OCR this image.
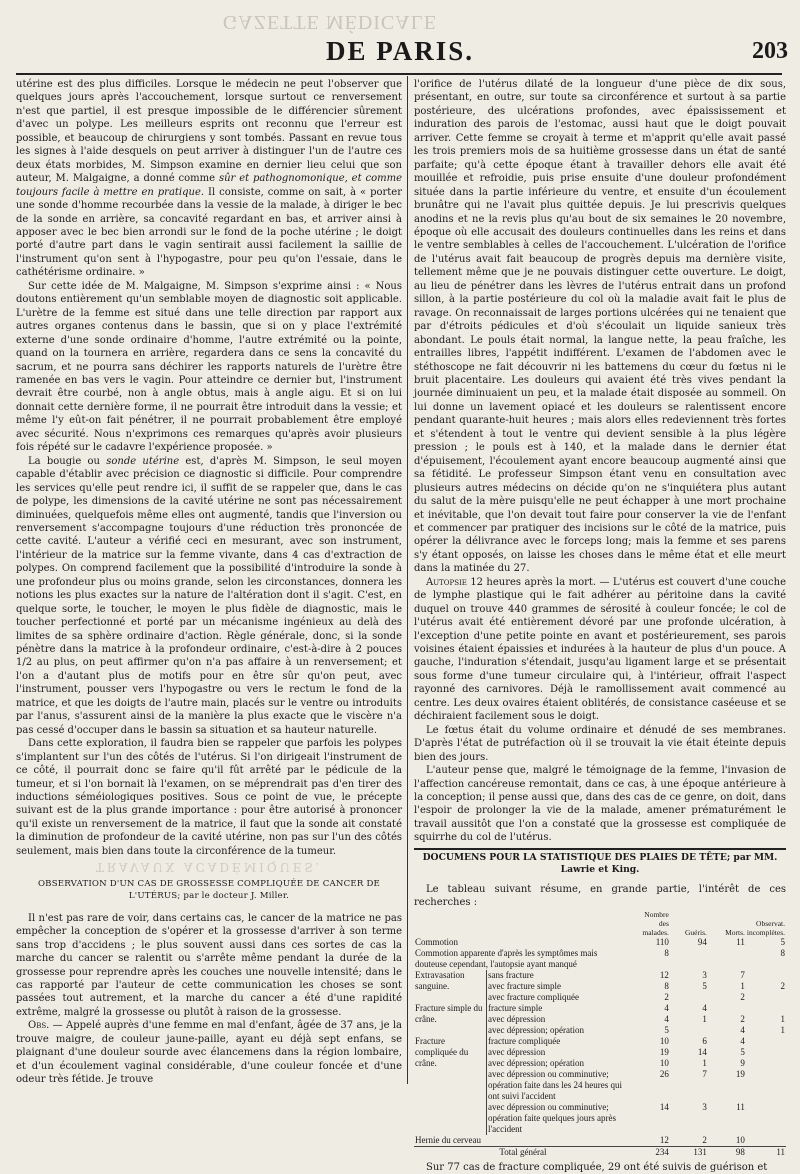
GAZETTE MÉDICALE
DE PARIS.	203

utérine est des plus difficiles. Lorsque le médecin ne peut l'observer que quelques jours après l'accouchement, lorsque surtout ce renversement n'est que partiel, il est presque impossible de le différencier sûrement d'avec un polype. Les meilleurs esprits ont reconnu que l'erreur est possible, et beaucoup de chirurgiens y sont tombés. Passant en revue tous les signes à l'aide desquels on peut arriver à distinguer l'un de l'autre ces deux états morbides, M. Simpson examine en dernier lieu celui que son auteur, M. Malgaigne, a donné comme sûr et pathognomonique, et comme toujours facile à mettre en pratique. Il consiste, comme on sait, à « porter une sonde d'homme recourbée dans la vessie de la malade, à diriger le bec de la sonde en arrière, sa concavité regardant en bas, et arriver ainsi à apposer avec le bec bien arrondi sur le fond de la poche utérine ; le doigt porté d'autre part dans le vagin sentirait aussi facilement la saillie de l'instrument qu'on sent à l'hypogastre, pour peu qu'on l'essaie, dans le cathétérisme ordinaire. »

Sur cette idée de M. Malgaigne, M. Simpson s'exprime ainsi : « Nous doutons entièrement qu'un semblable moyen de diagnostic soit applicable. L'urètre de la femme est situé dans une telle direction par rapport aux autres organes contenus dans le bassin, que si on y place l'extrémité externe d'une sonde ordinaire d'homme, l'autre extrémité ou la pointe, quand on la tournera en arrière, regardera dans ce sens la concavité du sacrum, et ne pourra sans déchirer les rapports naturels de l'urètre être ramenée en bas vers le vagin. Pour atteindre ce dernier but, l'instrument devrait être courbé, non à angle obtus, mais à angle aigu. Et si on lui donnait cette dernière forme, il ne pourrait être introduit dans la vessie; et même l'y eût-on fait pénétrer, il ne pourrait probablement être employé avec sécurité. Nous n'exprimons ces remarques qu'après avoir plusieurs fois répété sur le cadavre l'expérience proposée. »

La bougie ou sonde utérine est, d'après M. Simpson, le seul moyen capable d'établir avec précision ce diagnostic si difficile. Pour comprendre les services qu'elle peut rendre ici, il suffit de se rappeler que, dans le cas de polype, les dimensions de la cavité utérine ne sont pas nécessairement diminuées, quelquefois même elles ont augmenté, tandis que l'inversion ou renversement s'accompagne toujours d'une réduction très prononcée de cette cavité. L'auteur a vérifié ceci en mesurant, avec son instrument, l'intérieur de la matrice sur la femme vivante, dans 4 cas d'extraction de polypes. On comprend facilement que la possibilité d'introduire la sonde à une profondeur plus ou moins grande, selon les circonstances, donnera les notions les plus exactes sur la nature de l'altération dont il s'agit. C'est, en quelque sorte, le toucher, le moyen le plus fidèle de diagnostic, mais le toucher perfectionné et porté par un mécanisme ingénieux au delà des limites de sa sphère ordinaire d'action. Règle générale, donc, si la sonde pénètre dans la matrice à la profondeur ordinaire, c'est-à-dire à 2 pouces 1/2 au plus, on peut affirmer qu'on n'a pas affaire à un renversement; et l'on a d'autant plus de motifs pour en être sûr qu'on peut, avec l'instrument, pousser vers l'hypogastre ou vers le rectum le fond de la matrice, et que les doigts de l'autre main, placés sur le ventre ou introduits par l'anus, s'assurent ainsi de la manière la plus exacte que le viscère n'a pas cessé d'occuper dans le bassin sa situation et sa hauteur naturelle.

Dans cette exploration, il faudra bien se rappeler que parfois les polypes s'implantent sur l'un des côtés de l'utérus. Si l'on dirigeait l'instrument de ce côté, il pourrait donc se faire qu'il fût arrêté par le pédicule de la tumeur, et si l'on bornait là l'examen, on se méprendrait pas d'en tirer des inductions séméiologiques positives. Sous ce point de vue, le précepte suivant est de la plus grande importance : pour être autorisé à prononcer qu'il existe un renversement de la matrice, il faut que la sonde ait constaté la diminution de profondeur de la cavité utérine, non pas sur l'un des côtés seulement, mais bien dans toute la circonférence de la tumeur.

TRAVAUX ACADÉMIQUES.

OBSERVATION D'UN CAS DE GROSSESSE COMPLIQUÉE DE CANCER DE L'UTÉRUS; par le docteur J. Miller.

Il n'est pas rare de voir, dans certains cas, le cancer de la matrice ne pas empêcher la conception de s'opérer et la grossesse d'arriver à son terme sans trop d'accidens ; le plus souvent aussi dans ces sortes de cas la marche du cancer se ralentit ou s'arrête même pendant la durée de la grossesse pour reprendre après les couches une nouvelle intensité; dans le cas rapporté par l'auteur de cette communication les choses se sont passées tout autrement, et la marche du cancer a été d'une rapidité extrême, malgré la grossesse ou plutôt à raison de la grossesse.

Obs. — Appelé auprès d'une femme en mal d'enfant, âgée de 37 ans, je la trouve maigre, de couleur jaune-paille, ayant eu déjà sept enfans, se plaignant d'une douleur sourde avec élancemens dans la région lombaire, et d'un écoulement vaginal considérable, d'une couleur foncée et d'une odeur très fétide. Je trouve

l'orifice de l'utérus dilaté de la longueur d'une pièce de dix sous, présentant, en outre, sur toute sa circonférence et surtout à sa partie postérieure, des ulcérations profondes, avec épaississement et induration des parois de l'estomac, aussi haut que le doigt pouvait arriver. Cette femme se croyait à terme et m'apprit qu'elle avait passé les trois premiers mois de sa huitième grossesse dans un état de santé parfaite; qu'à cette époque étant à travailler dehors elle avait été mouillée et refroidie, puis prise ensuite d'une douleur profondément située dans la partie inférieure du ventre, et ensuite d'un écoulement brunâtre qui ne l'avait plus quittée depuis. Je lui prescrivis quelques anodins et ne la revis plus qu'au bout de six semaines le 20 novembre, époque où elle accusait des douleurs continuelles dans les reins et dans le ventre semblables à celles de l'accouchement. L'ulcération de l'orifice de l'utérus avait fait beaucoup de progrès depuis ma dernière visite, tellement même que je ne pouvais distinguer cette ouverture. Le doigt, au lieu de pénétrer dans les lèvres de l'utérus entrait dans un profond sillon, à la partie postérieure du col où la maladie avait fait le plus de ravage. On reconnaissait de larges portions ulcérées qui ne tenaient que par d'étroits pédicules et d'où s'écoulait un liquide sanieux très abondant. Le pouls était normal, la langue nette, la peau fraîche, les entrailles libres, l'appétit indifférent. L'examen de l'abdomen avec le stéthoscope ne fait découvrir ni les battemens du cœur du fœtus ni le bruit placentaire. Les douleurs qui avaient été très vives pendant la journée diminuaient un peu, et la malade était disposée au sommeil. On lui donne un lavement opiacé et les douleurs se ralentissent encore pendant quarante-huit heures ; mais alors elles redeviennent très fortes et s'étendent à tout le ventre qui devient sensible à la plus légère pression ; le pouls est à 140, et la malade dans le dernier état d'épuisement, l'écoulement ayant encore beaucoup augmenté ainsi que sa fétidité. Le professeur Simpson étant venu en consultation avec plusieurs autres médecins on décide qu'on ne s'inquiétera plus autant du salut de la mère puisqu'elle ne peut échapper à une mort prochaine et inévitable, que l'on devait tout faire pour conserver la vie de l'enfant et commencer par pratiquer des incisions sur le côté de la matrice, puis opérer la délivrance avec le forceps long; mais la femme et ses parens s'y étant opposés, on laisse les choses dans le même état et elle meurt dans la matinée du 27.

Autopsie 12 heures après la mort. — L'utérus est couvert d'une couche de lymphe plastique qui le fait adhérer au péritoine dans la cavité duquel on trouve 440 grammes de sérosité à couleur foncée; le col de l'utérus avait été entièrement dévoré par une profonde ulcération, à l'exception d'une petite pointe en avant et postérieurement, ses parois voisines étaient épaissies et indurées à la hauteur de plus d'un pouce. A gauche, l'induration s'étendait, jusqu'au ligament large et se présentait sous forme d'une tumeur circulaire qui, à l'intérieur, offrait l'aspect rayonné des carnivores. Déjà le ramollissement avait commencé au centre. Les deux ovaires étaient oblitérés, de consistance caséeuse et se déchiraient facilement sous le doigt.

Le fœtus était du volume ordinaire et dénudé de ses membranes. D'après l'état de putréfaction où il se trouvait la vie était éteinte depuis bien des jours.

L'auteur pense que, malgré le témoignage de la femme, l'invasion de l'affection cancéreuse remontait, dans ce cas, à une époque antérieure à la conception; il pense aussi que, dans des cas de ce genre, on doit, dans l'espoir de prolonger la vie de la malade, amener prématurément le travail aussitôt que l'on a constaté que la grossesse est compliquée de squirrhe du col de l'utérus.

DOCUMENS POUR LA STATISTIQUE DES PLAIES DE TÊTE; par MM. Lawrie et King.

Le tableau suivant résume, en grande partie, l'intérêt de ces recherches :

		Nombre des malades.	Guéris.	Morts.	Observat. incomplètes.
Commotion		110	94	11	5
Commotion apparente d'après les symptômes mais douteuse cependant, l'autopsie ayant manqué		8			8
Extravasation sanguine.	sans fracture	12	3	7	
	avec fracture simple	8	5	1	2
	avec fracture compliquée	2		2	
Fracture simple du crâne.	fracture simple	4	4		
	avec dépression	4	1	2	1
	avec dépression; opération	5		4	1
Fracture compliquée du crâne.	fracture compliquée	10	6	4	
	avec dépression	19	14	5	
	avec dépression; opération	10	1	9	
	avec dépression ou comminutive; opération faite dans les 24 heures qui ont suivi l'accident	26	7	19	
	avec dépression ou comminutive; opération faite quelques jours après l'accident	14	3	11	
Hernie du cerveau		12	2	10	
Total général		234	131	98	11

Sur 77 cas de fracture compliquée, 29 ont été suivis de guérison et
